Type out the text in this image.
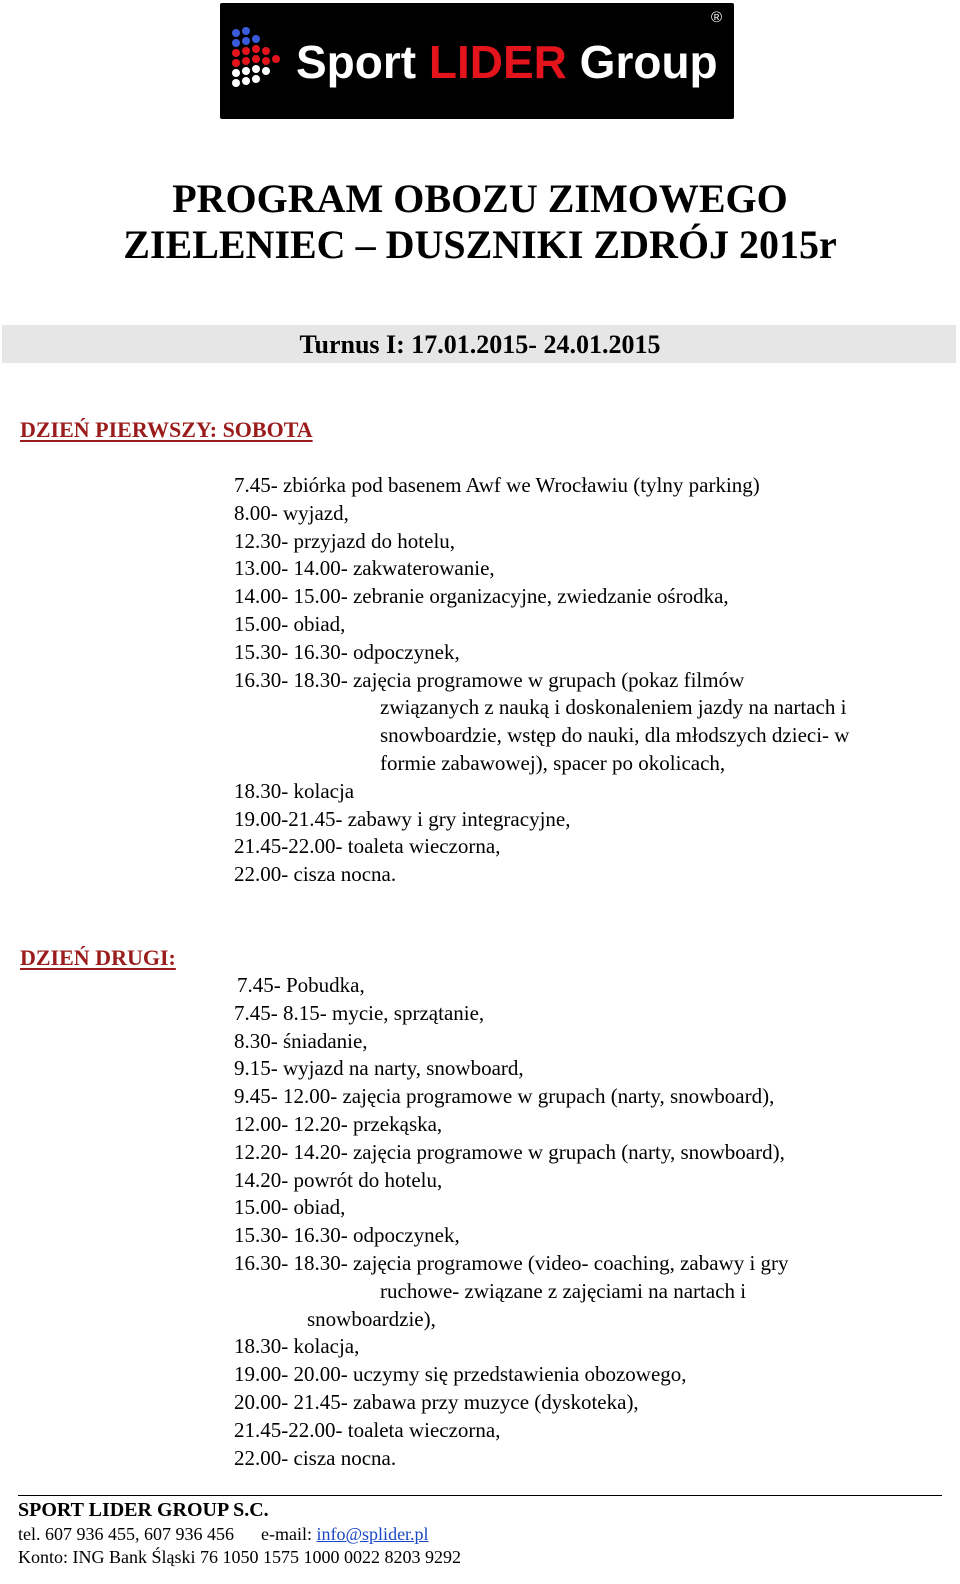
Sport LIDER Group
®
PROGRAM OBOZU ZIMOWEGO
ZIELENIEC – DUSZNIKI ZDRÓJ 2015r
Turnus I: 17.01.2015- 24.01.2015
DZIEŃ PIERWSZY: SOBOTA
7.45- zbiórka pod basenem Awf we Wrocławiu (tylny parking)
8.00- wyjazd,
12.30- przyjazd do hotelu,
13.00- 14.00- zakwaterowanie,
14.00- 15.00- zebranie organizacyjne, zwiedzanie ośrodka,
15.00- obiad,
15.30- 16.30- odpoczynek,
16.30- 18.30- zajęcia programowe w grupach (pokaz filmów
związanych z nauką i doskonaleniem jazdy na nartach i
snowboardzie, wstęp do nauki, dla młodszych dzieci- w
formie zabawowej), spacer po okolicach,
18.30- kolacja
19.00-21.45- zabawy i gry integracyjne,
21.45-22.00- toaleta wieczorna,
22.00- cisza nocna.
DZIEŃ DRUGI:
7.45- Pobudka,
7.45- 8.15- mycie, sprzątanie,
8.30- śniadanie,
9.15- wyjazd na narty, snowboard,
9.45- 12.00- zajęcia programowe w grupach (narty, snowboard),
12.00- 12.20- przekąska,
12.20- 14.20- zajęcia programowe w grupach (narty, snowboard),
14.20- powrót do hotelu,
15.00- obiad,
15.30- 16.30- odpoczynek,
16.30- 18.30- zajęcia programowe (video- coaching, zabawy i gry
ruchowe- związane z zajęciami na nartach i
snowboardzie),
18.30- kolacja,
19.00- 20.00- uczymy się przedstawienia obozowego,
20.00- 21.45- zabawa przy muzyce (dyskoteka),
21.45-22.00- toaleta wieczorna,
22.00- cisza nocna.
SPORT LIDER GROUP S.C.
tel. 607 936 455, 607 936 456 e-mail: info@splider.pl
Konto: ING Bank Śląski 76 1050 1575 1000 0022 8203 9292
